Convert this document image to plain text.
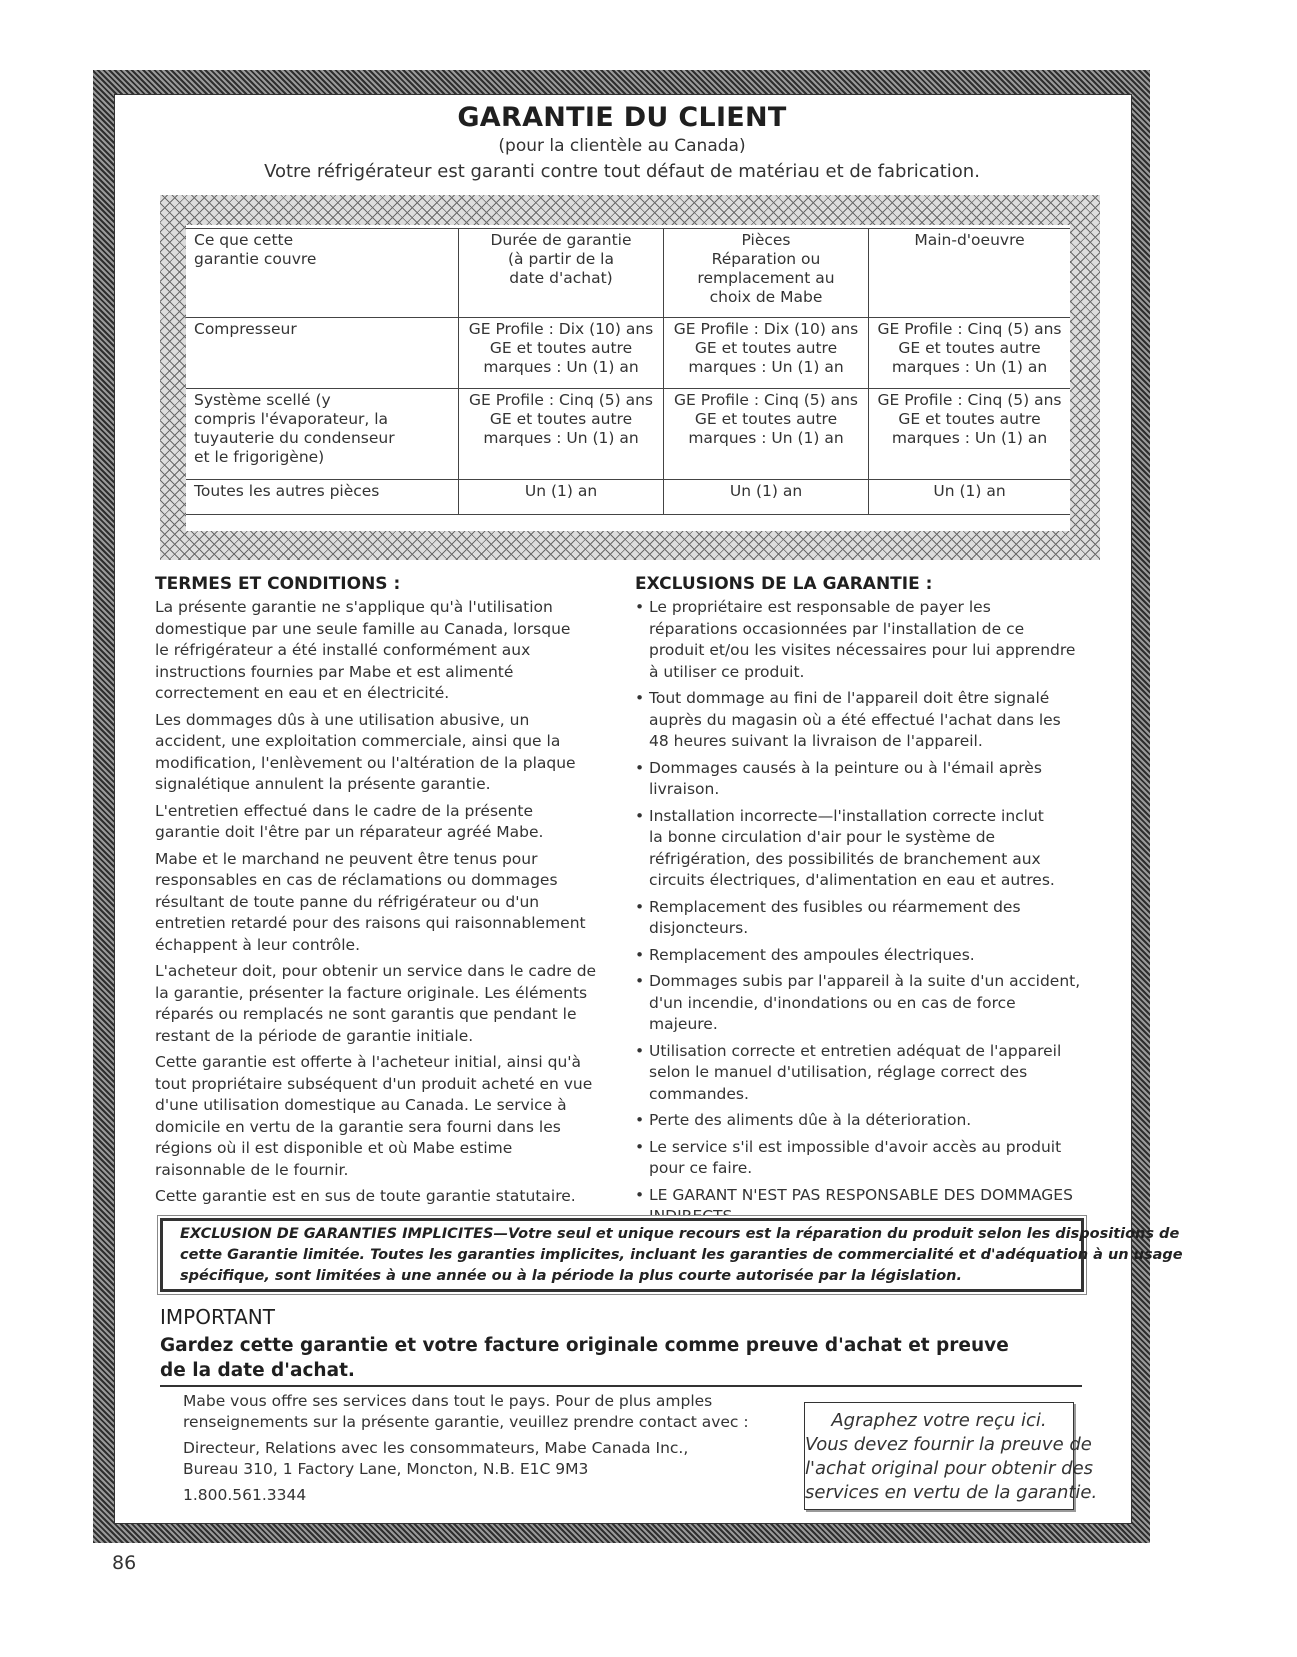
GARANTIE DU CLIENT
(pour la clientèle au Canada)
Votre réfrigérateur est garanti contre tout défaut de matériau et de fabrication.
Ce que cette
garantie couvre	Durée de garantie
(à partir de la
date d'achat)	Pièces
Réparation ou
remplacement au
choix de Mabe	Main-d'oeuvre

Compresseur	GE Profile : Dix (10) ans
GE et toutes autre
marques : Un (1) an	GE Profile : Dix (10) ans
GE et toutes autre
marques : Un (1) an	GE Profile : Cinq (5) ans
GE et toutes autre
marques : Un (1) an

Système scellé (y
compris l'évaporateur, la
tuyauterie du condenseur
et le frigorigène)	GE Profile : Cinq (5) ans
GE et toutes autre
marques : Un (1) an	GE Profile : Cinq (5) ans
GE et toutes autre
marques : Un (1) an	GE Profile : Cinq (5) ans
GE et toutes autre
marques : Un (1) an

Toutes les autres pièces	Un (1) an	Un (1) an	Un (1) an
TERMES ET CONDITIONS :
La présente garantie ne s'applique qu'à l'utilisation
domestique par une seule famille au Canada, lorsque
le réfrigérateur a été installé conformément aux
instructions fournies par Mabe et est alimenté
correctement en eau et en électricité.
Les dommages dûs à une utilisation abusive, un
accident, une exploitation commerciale, ainsi que la
modification, l'enlèvement ou l'altération de la plaque
signalétique annulent la présente garantie.
L'entretien effectué dans le cadre de la présente
garantie doit l'être par un réparateur agréé Mabe.
Mabe et le marchand ne peuvent être tenus pour
responsables en cas de réclamations ou dommages
résultant de toute panne du réfrigérateur ou d'un
entretien retardé pour des raisons qui raisonnablement
échappent à leur contrôle.
L'acheteur doit, pour obtenir un service dans le cadre de
la garantie, présenter la facture originale. Les éléments
réparés ou remplacés ne sont garantis que pendant le
restant de la période de garantie initiale.
Cette garantie est offerte à l'acheteur initial, ainsi qu'à
tout propriétaire subséquent d'un produit acheté en vue
d'une utilisation domestique au Canada. Le service à
domicile en vertu de la garantie sera fourni dans les
régions où il est disponible et où Mabe estime
raisonnable de le fournir.
Cette garantie est en sus de toute garantie statutaire.
EXCLUSIONS DE LA GARANTIE :
• Le propriétaire est responsable de payer les
réparations occasionnées par l'installation de ce
produit et/ou les visites nécessaires pour lui apprendre
à utiliser ce produit.
• Tout dommage au fini de l'appareil doit être signalé
auprès du magasin où a été effectué l'achat dans les
48 heures suivant la livraison de l'appareil.
• Dommages causés à la peinture ou à l'émail après
livraison.
• Installation incorrecte—l'installation correcte inclut
la bonne circulation d'air pour le système de
réfrigération, des possibilités de branchement aux
circuits électriques, d'alimentation en eau et autres.
• Remplacement des fusibles ou réarmement des
disjoncteurs.
• Remplacement des ampoules électriques.
• Dommages subis par l'appareil à la suite d'un accident,
d'un incendie, d'inondations ou en cas de force
majeure.
• Utilisation correcte et entretien adéquat de l'appareil
selon le manuel d'utilisation, réglage correct des
commandes.
• Perte des aliments dûe à la déterioration.
• Le service s'il est impossible d'avoir accès au produit
pour ce faire.
• LE GARANT N'EST PAS RESPONSABLE DES DOMMAGES
INDIRECTS.
EXCLUSION DE GARANTIES IMPLICITES—Votre seul et unique recours est la réparation du produit selon les dispositions de
cette Garantie limitée. Toutes les garanties implicites, incluant les garanties de commercialité et d'adéquation à un usage
spécifique, sont limitées à une année ou à la période la plus courte autorisée par la législation.
IMPORTANT
Gardez cette garantie et votre facture originale comme preuve d'achat et preuve
de la date d'achat.
Mabe vous offre ses services dans tout le pays. Pour de plus amples
renseignements sur la présente garantie, veuillez prendre contact avec :
Directeur, Relations avec les consommateurs, Mabe Canada Inc.,
Bureau 310, 1 Factory Lane, Moncton, N.B. E1C 9M3
1.800.561.3344
Agraphez votre reçu ici.
Vous devez fournir la preuve de
l'achat original pour obtenir des
services en vertu de la garantie.
86
